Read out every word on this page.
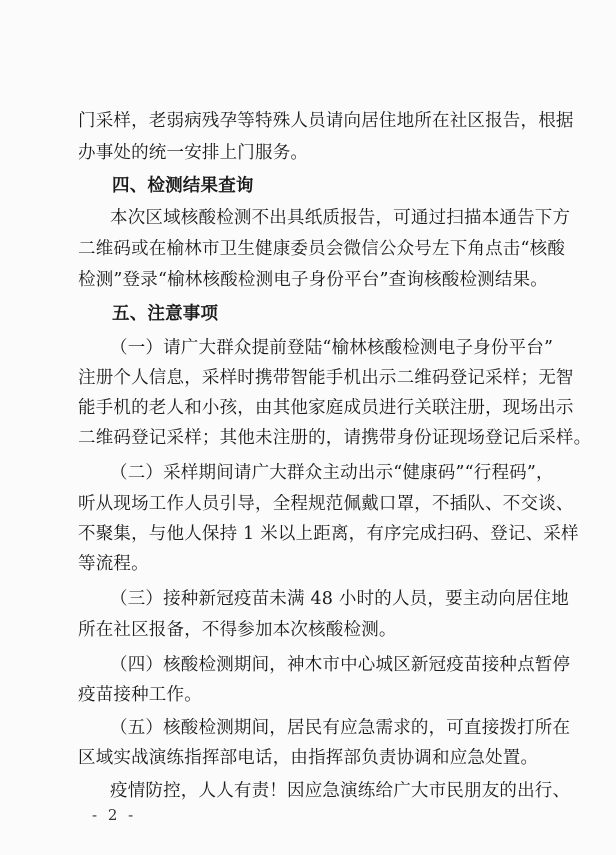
门采样，老弱病残孕等特殊人员请向居住地所在社区报告，根据
办事处的统一安排上门服务。
四、检测结果查询
本次区域核酸检测不出具纸质报告，可通过扫描本通告下方
二维码或在榆林市卫生健康委员会微信公众号左下角点击“核酸
检测”登录“榆林核酸检测电子身份平台”查询核酸检测结果。
五、注意事项
（一）请广大群众提前登陆“榆林核酸检测电子身份平台”
注册个人信息，采样时携带智能手机出示二维码登记采样；无智
能手机的老人和小孩，由其他家庭成员进行关联注册，现场出示
二维码登记采样；其他未注册的，请携带身份证现场登记后采样。
（二）采样期间请广大群众主动出示“健康码”“行程码”，
听从现场工作人员引导，全程规范佩戴口罩，不插队、不交谈、
不聚集，与他人保持 1 米以上距离，有序完成扫码、登记、采样
等流程。
（三）接种新冠疫苗未满 48 小时的人员，要主动向居住地
所在社区报备，不得参加本次核酸检测。
（四）核酸检测期间，神木市中心城区新冠疫苗接种点暂停
疫苗接种工作。
（五）核酸检测期间，居民有应急需求的，可直接拨打所在
区域实战演练指挥部电话，由指挥部负责协调和应急处置。
疫情防控，人人有责！因应急演练给广大市民朋友的出行、
- 2 -
